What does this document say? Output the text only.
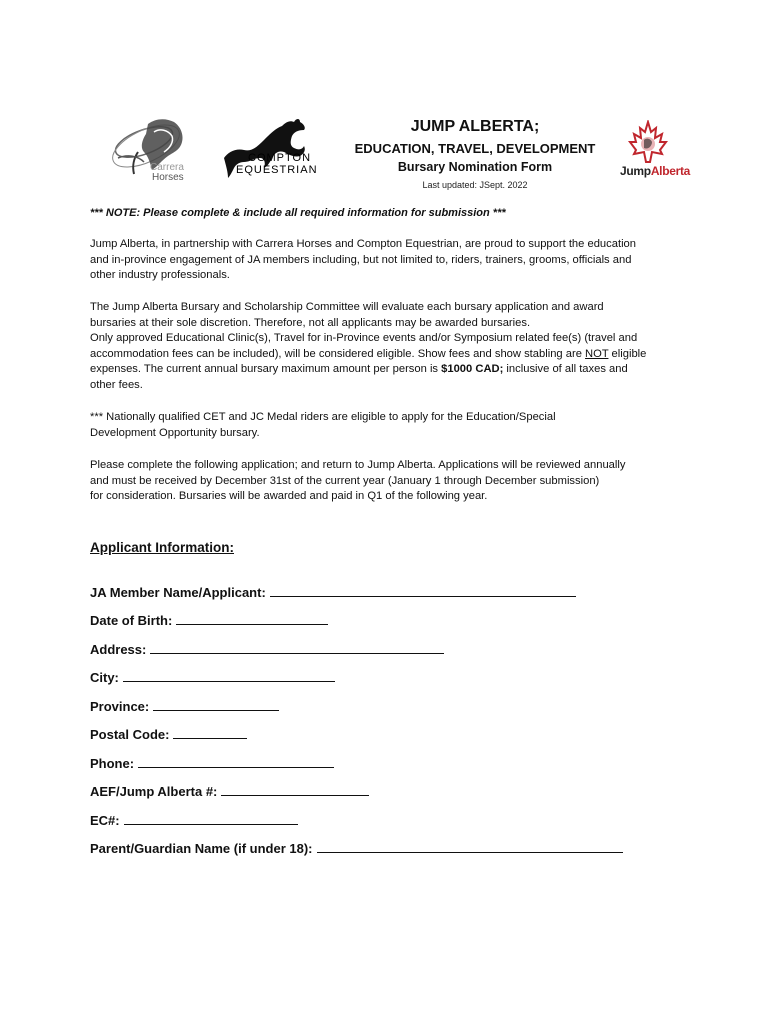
Carrera
Horses
COMPTON
EQUESTRIAN	JumpAlberta

JUMP ALBERTA;

EDUCATION, TRAVEL, DEVELOPMENT

Bursary Nomination Form

Last updated: JSept. 2022

*** NOTE: Please complete & include all required information for submission ***

Jump Alberta, in partnership with Carrera Horses and Compton Equestrian, are proud to support the education
and in-province engagement of JA members including, but not limited to, riders, trainers, grooms, officials and
other industry professionals.
The Jump Alberta Bursary and Scholarship Committee will evaluate each bursary application and award
bursaries at their sole discretion. Therefore, not all applicants may be awarded bursaries.
Only approved Educational Clinic(s), Travel for in-Province events and/or Symposium related fee(s) (travel and
accommodation fees can be included), will be considered eligible. Show fees and show stabling are NOT eligible
expenses. The current annual bursary maximum amount per person is $1000 CAD; inclusive of all taxes and
other fees.
*** Nationally qualified CET and JC Medal riders are eligible to apply for the Education/Special
Development Opportunity bursary.
Please complete the following application; and return to Jump Alberta. Applications will be reviewed annually
and must be received by December 31st of the current year (January 1 through December submission)
for consideration. Bursaries will be awarded and paid in Q1 of the following year.

Applicant Information:

JA Member Name/Applicant:
Date of Birth:
Address:
City:
Province:
Postal Code:
Phone:
AEF/Jump Alberta #:
EC#:
Parent/Guardian Name (if under 18):
